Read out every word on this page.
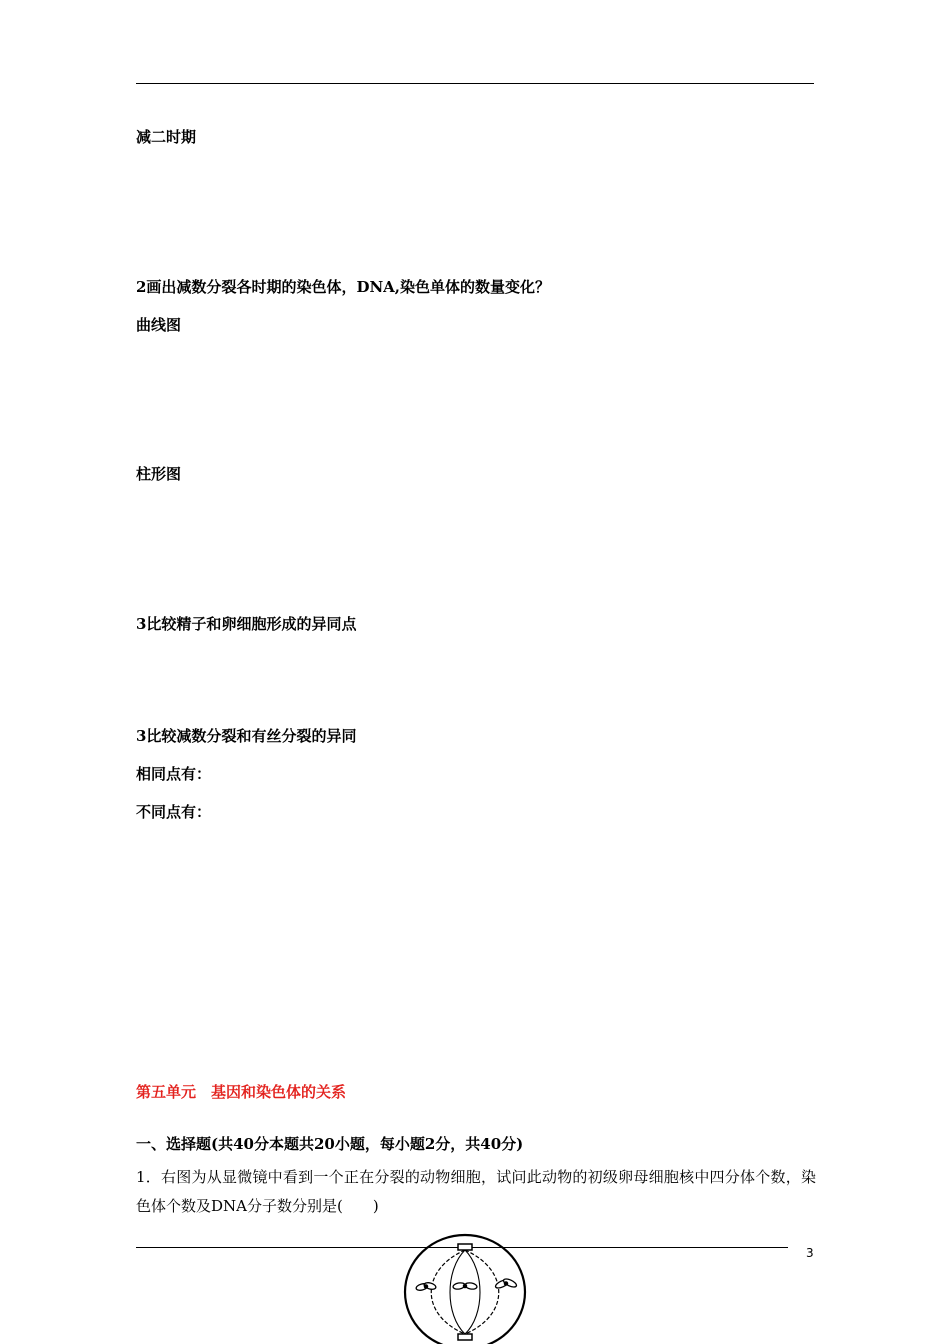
减二时期
2画出减数分裂各时期的染色体，DNA,染色单体的数量变化？
曲线图
柱形图
3比较精子和卵细胞形成的异同点
3比较减数分裂和有丝分裂的异同
相同点有：
不同点有：
第五单元　基因和染色体的关系
一、选择题(共40分本题共20小题，每小题2分，共40分)
1．右图为从显微镜中看到一个正在分裂的动物细胞，试问此动物的初级卵母细胞核中四分体个数，染色体个数及DNA分子数分别是(　　)
3
